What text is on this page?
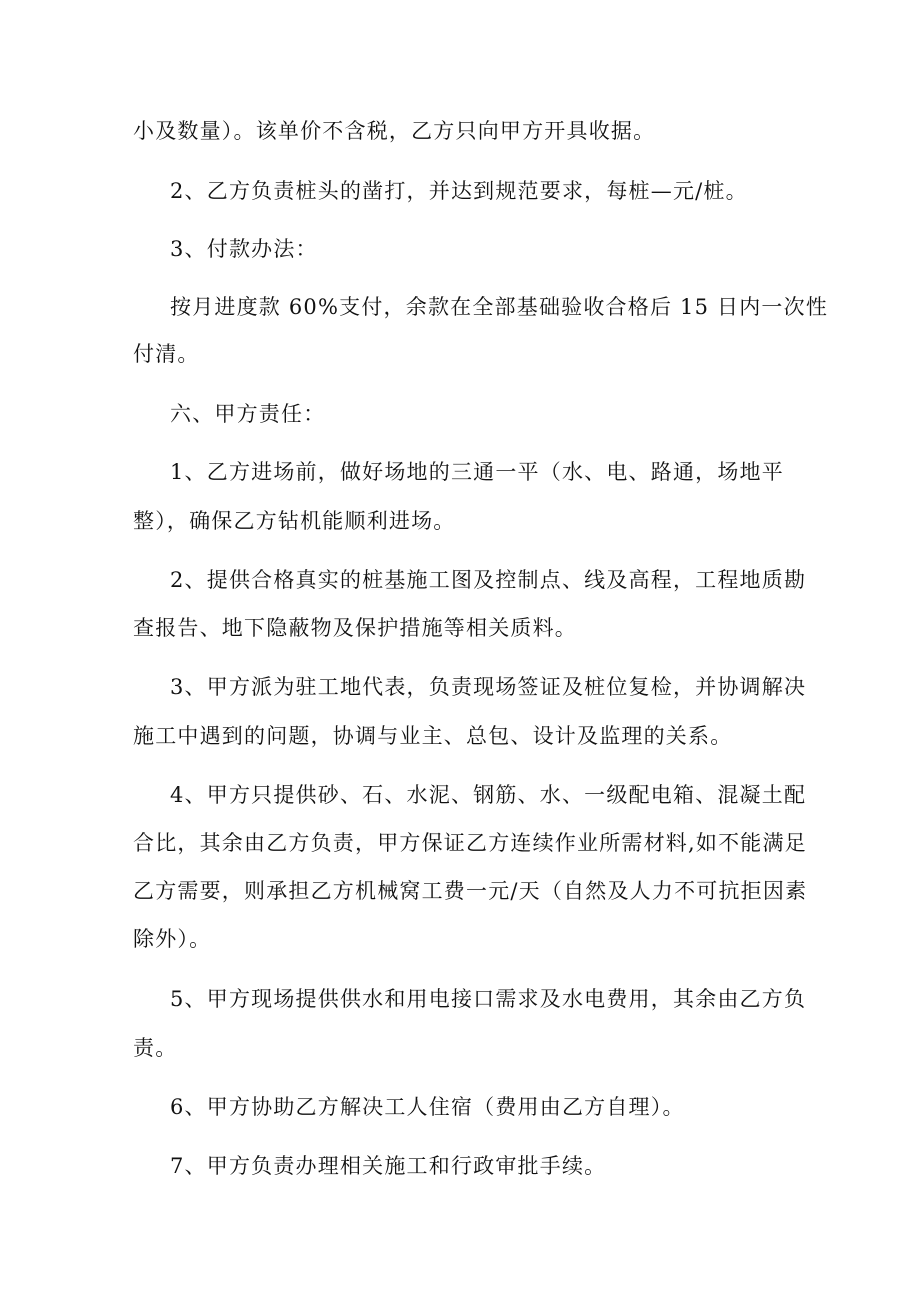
小及数量）。该单价不含税，乙方只向甲方开具收据。
2、乙方负责桩头的凿打，并达到规范要求，每桩—元/桩。
3、付款办法：
按月进度款 60%支付，余款在全部基础验收合格后 15 日内一次性
付清。
六、甲方责任：
1、乙方进场前，做好场地的三通一平（水、电、路通，场地平
整），确保乙方钻机能顺利进场。
2、提供合格真实的桩基施工图及控制点、线及高程，工程地质勘
查报告、地下隐蔽物及保护措施等相关质料。
3、甲方派为驻工地代表，负责现场签证及桩位复检，并协调解决
施工中遇到的问题，协调与业主、总包、设计及监理的关系。
4、甲方只提供砂、石、水泥、钢筋、水、一级配电箱、混凝土配
合比，其余由乙方负责，甲方保证乙方连续作业所需材料,如不能满足
乙方需要，则承担乙方机械窝工费一元/天（自然及人力不可抗拒因素
除外）。
5、甲方现场提供供水和用电接口需求及水电费用，其余由乙方负
责。
6、甲方协助乙方解决工人住宿（费用由乙方自理）。
7、甲方负责办理相关施工和行政审批手续。
